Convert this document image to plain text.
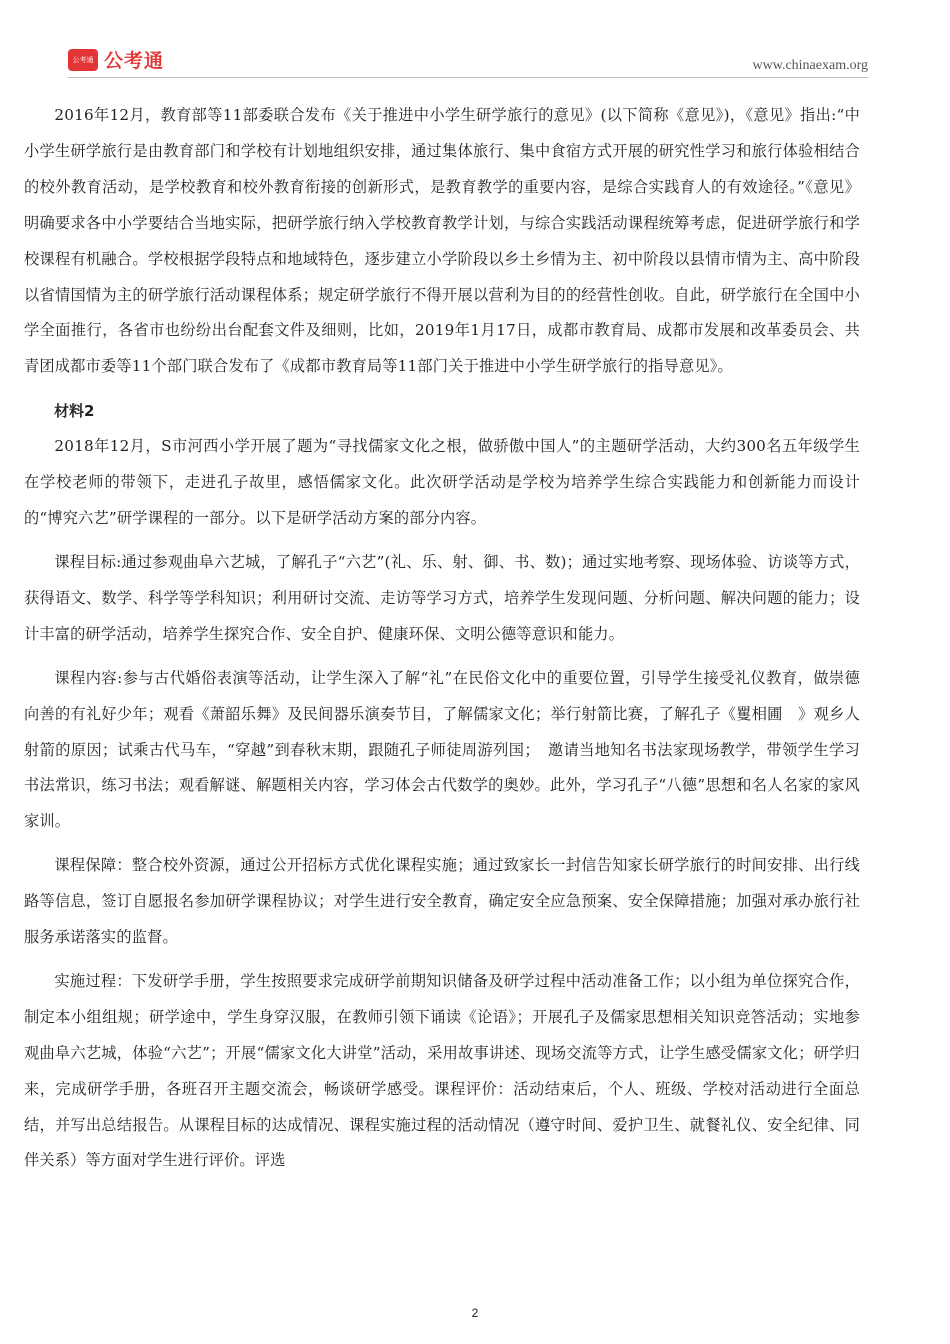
公考通 公考通	www.chinaexam.org

2016年12月，教育部等11部委联合发布《关于推进中小学生研学旅行的意见》(以下简称《意见》)，《意见》指出:“中小学生研学旅行是由教育部门和学校有计划地组织安排，通过集体旅行、集中食宿方式开展的研究性学习和旅行体验相结合的校外教育活动，是学校教育和校外教育衔接的创新形式，是教育教学的重要内容，是综合实践育人的有效途径。”《意见》明确要求各中小学要结合当地实际，把研学旅行纳入学校教育教学计划，与综合实践活动课程统筹考虑，促进研学旅行和学校课程有机融合。学校根据学段特点和地域特色，逐步建立小学阶段以乡土乡情为主、初中阶段以县情市情为主、高中阶段以省情国情为主的研学旅行活动课程体系；规定研学旅行不得开展以营利为目的的经营性创收。自此，研学旅行在全国中小学全面推行，各省市也纷纷出台配套文件及细则，比如，2019年1月17日，成都市教育局、成都市发展和改革委员会、共青团成都市委等11个部门联合发布了《成都市教育局等11部门关于推进中小学生研学旅行的指导意见》。

材料2

2018年12月，S市河西小学开展了题为“寻找儒家文化之根，做骄傲中国人”的主题研学活动，大约300名五年级学生在学校老师的带领下，走进孔子故里，感悟儒家文化。此次研学活动是学校为培养学生综合实践能力和创新能力而设计的“博究六艺”研学课程的一部分。以下是研学活动方案的部分内容。

课程目标:通过参观曲阜六艺城，了解孔子“六艺”(礼、乐、射、御、书、数)；通过实地考察、现场体验、访谈等方式，获得语文、数学、科学等学科知识；利用研讨交流、走访等学习方式，培养学生发现问题、分析问题、解决问题的能力；设计丰富的研学活动，培养学生探究合作、安全自护、健康环保、文明公德等意识和能力。

课程内容:参与古代婚俗表演等活动，让学生深入了解“礼”在民俗文化中的重要位置，引导学生接受礼仪教育，做崇德向善的有礼好少年；观看《萧韶乐舞》及民间器乐演奏节目，了解儒家文化；举行射箭比赛，了解孔子《矍相圃　》观乡人射箭的原因；试乘古代马车，“穿越”到春秋末期，跟随孔子师徒周游列国；　邀请当地知名书法家现场教学，带领学生学习书法常识，练习书法；观看解谜、解题相关内容，学习体会古代数学的奥妙。此外，学习孔子“八德”思想和名人名家的家风家训。

课程保障：整合校外资源，通过公开招标方式优化课程实施；通过致家长一封信告知家长研学旅行的时间安排、出行线路等信息，签订自愿报名参加研学课程协议；对学生进行安全教育，确定安全应急预案、安全保障措施；加强对承办旅行社服务承诺落实的监督。

实施过程：下发研学手册，学生按照要求完成研学前期知识储备及研学过程中活动准备工作；以小组为单位探究合作，制定本小组组规；研学途中，学生身穿汉服，在教师引领下诵读《论语》；开展孔子及儒家思想相关知识竞答活动；实地参观曲阜六艺城，体验“六艺”；开展“儒家文化大讲堂”活动，采用故事讲述、现场交流等方式，让学生感受儒家文化；研学归来，完成研学手册，各班召开主题交流会，畅谈研学感受。课程评价：活动结束后，个人、班级、学校对活动进行全面总结，并写出总结报告。从课程目标的达成情况、课程实施过程的活动情况（遵守时间、爱护卫生、就餐礼仪、安全纪律、同伴关系）等方面对学生进行评价。评选

2
